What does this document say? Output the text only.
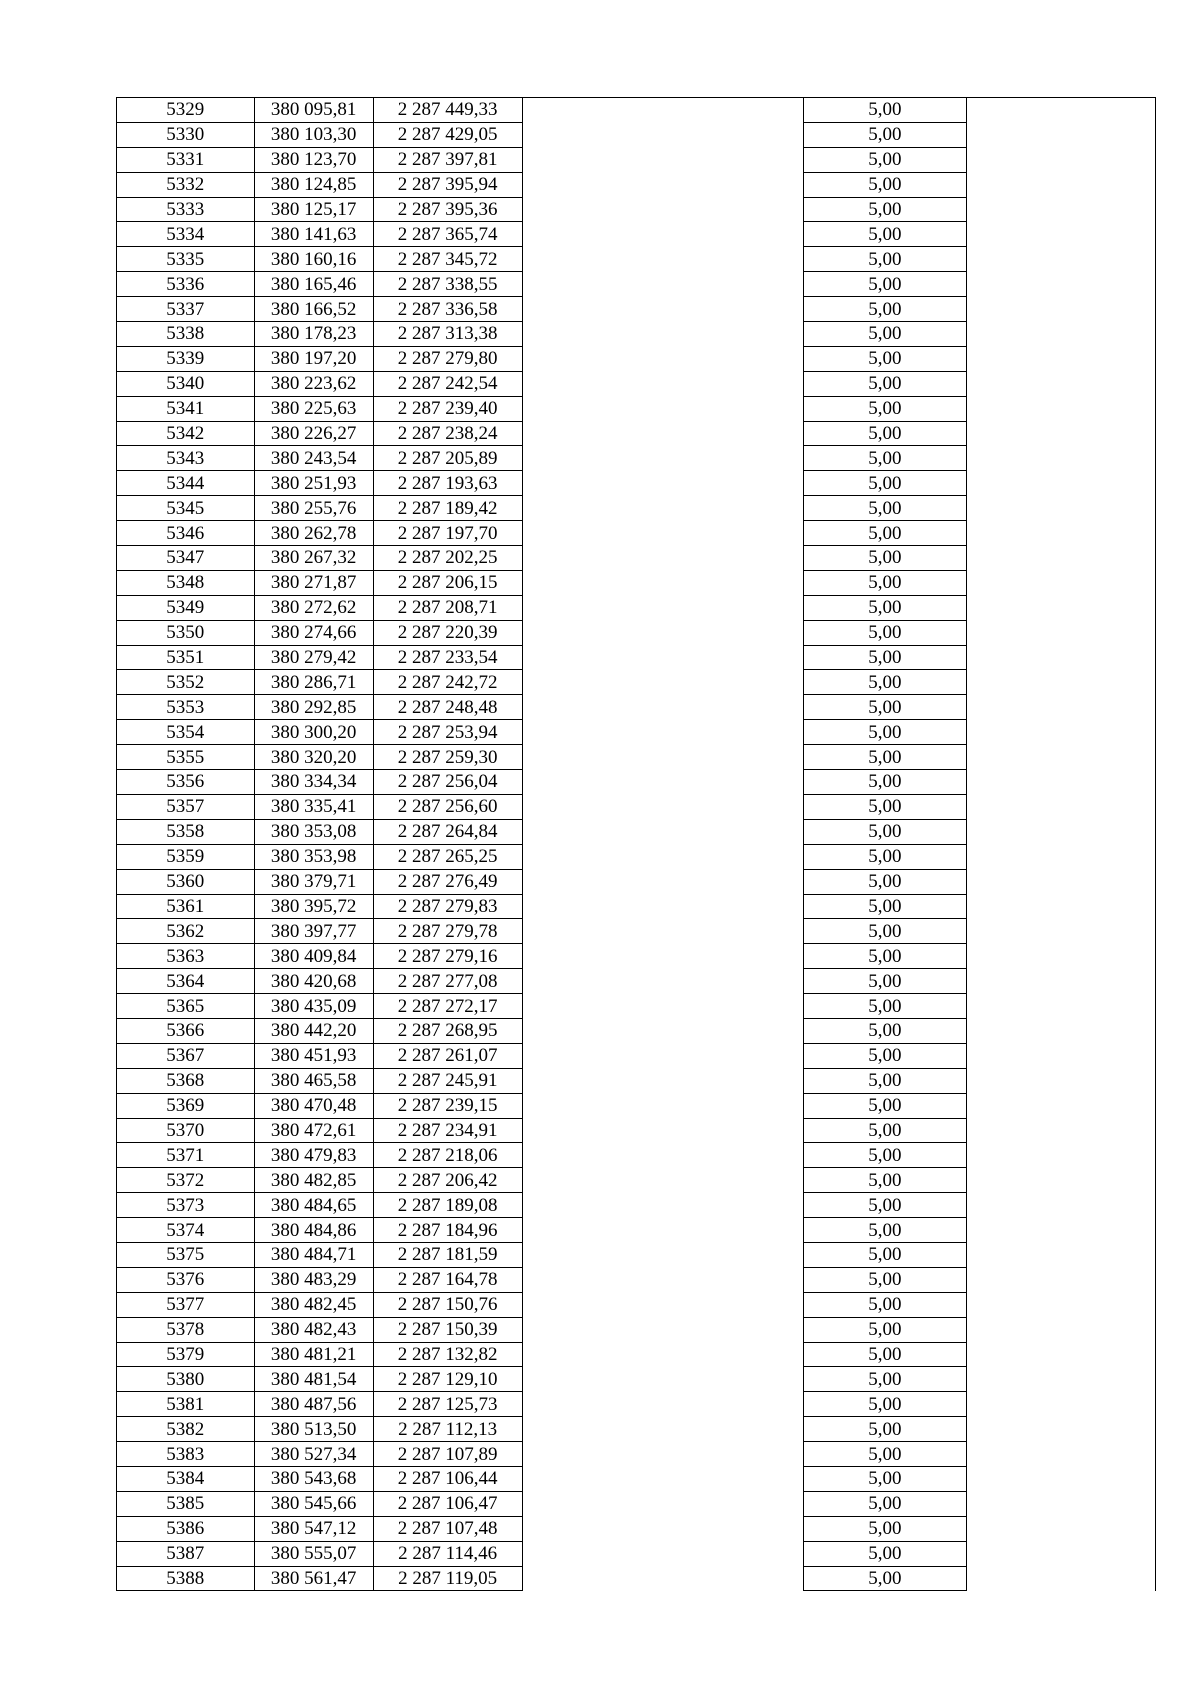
5329	380 095,81	2 287 449,33		5,00	
5330	380 103,30	2 287 429,05		5,00	
5331	380 123,70	2 287 397,81		5,00	
5332	380 124,85	2 287 395,94		5,00	
5333	380 125,17	2 287 395,36		5,00	
5334	380 141,63	2 287 365,74		5,00	
5335	380 160,16	2 287 345,72		5,00	
5336	380 165,46	2 287 338,55		5,00	
5337	380 166,52	2 287 336,58		5,00	
5338	380 178,23	2 287 313,38		5,00	
5339	380 197,20	2 287 279,80		5,00	
5340	380 223,62	2 287 242,54		5,00	
5341	380 225,63	2 287 239,40		5,00	
5342	380 226,27	2 287 238,24		5,00	
5343	380 243,54	2 287 205,89		5,00	
5344	380 251,93	2 287 193,63		5,00	
5345	380 255,76	2 287 189,42		5,00	
5346	380 262,78	2 287 197,70		5,00	
5347	380 267,32	2 287 202,25		5,00	
5348	380 271,87	2 287 206,15		5,00	
5349	380 272,62	2 287 208,71		5,00	
5350	380 274,66	2 287 220,39		5,00	
5351	380 279,42	2 287 233,54		5,00	
5352	380 286,71	2 287 242,72		5,00	
5353	380 292,85	2 287 248,48		5,00	
5354	380 300,20	2 287 253,94		5,00	
5355	380 320,20	2 287 259,30		5,00	
5356	380 334,34	2 287 256,04		5,00	
5357	380 335,41	2 287 256,60		5,00	
5358	380 353,08	2 287 264,84		5,00	
5359	380 353,98	2 287 265,25		5,00	
5360	380 379,71	2 287 276,49		5,00	
5361	380 395,72	2 287 279,83		5,00	
5362	380 397,77	2 287 279,78		5,00	
5363	380 409,84	2 287 279,16		5,00	
5364	380 420,68	2 287 277,08		5,00	
5365	380 435,09	2 287 272,17		5,00	
5366	380 442,20	2 287 268,95		5,00	
5367	380 451,93	2 287 261,07		5,00	
5368	380 465,58	2 287 245,91		5,00	
5369	380 470,48	2 287 239,15		5,00	
5370	380 472,61	2 287 234,91		5,00	
5371	380 479,83	2 287 218,06		5,00	
5372	380 482,85	2 287 206,42		5,00	
5373	380 484,65	2 287 189,08		5,00	
5374	380 484,86	2 287 184,96		5,00	
5375	380 484,71	2 287 181,59		5,00	
5376	380 483,29	2 287 164,78		5,00	
5377	380 482,45	2 287 150,76		5,00	
5378	380 482,43	2 287 150,39		5,00	
5379	380 481,21	2 287 132,82		5,00	
5380	380 481,54	2 287 129,10		5,00	
5381	380 487,56	2 287 125,73		5,00	
5382	380 513,50	2 287 112,13		5,00	
5383	380 527,34	2 287 107,89		5,00	
5384	380 543,68	2 287 106,44		5,00	
5385	380 545,66	2 287 106,47		5,00	
5386	380 547,12	2 287 107,48		5,00	
5387	380 555,07	2 287 114,46		5,00	
5388	380 561,47	2 287 119,05		5,00	
